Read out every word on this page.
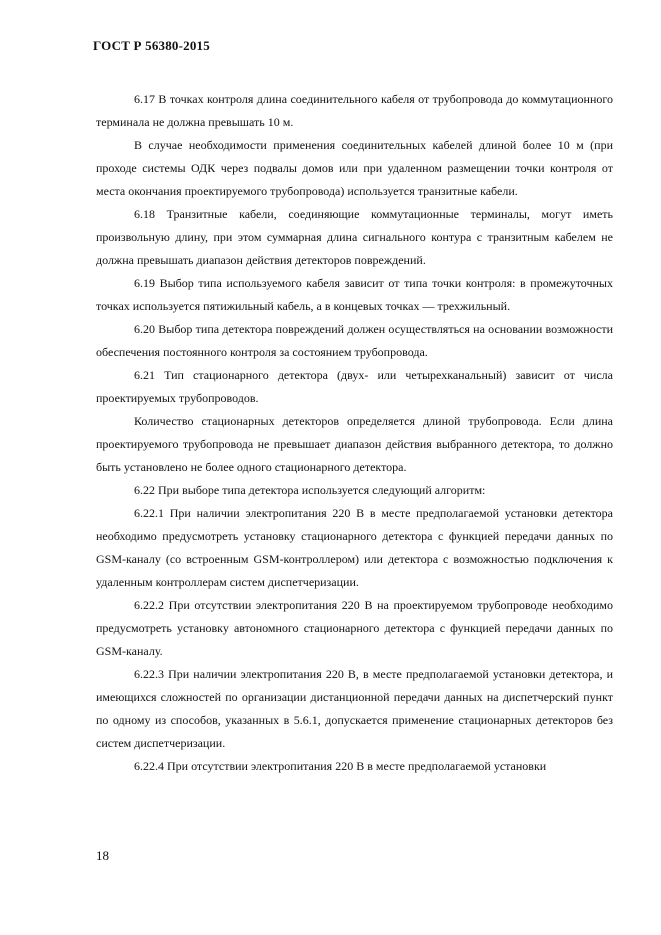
ГОСТ Р 56380-2015

6.17 В точках контроля длина соединительного кабеля от трубопровода до коммутационного терминала не должна превышать 10 м.

В случае необходимости применения соединительных кабелей длиной более 10 м (при проходе системы ОДК через подвалы домов или при удаленном размещении точки контроля от места окончания проектируемого трубопровода) используется транзитные кабели.

6.18 Транзитные кабели, соединяющие коммутационные терминалы, могут иметь произвольную длину, при этом суммарная длина сигнального контура с транзитным кабелем не должна превышать диапазон действия детекторов повреждений.

6.19 Выбор типа используемого кабеля зависит от типа точки контроля: в промежуточных точках используется пятижильный кабель, а в концевых точках — трехжильный.

6.20 Выбор типа детектора повреждений должен осуществляться на основании возможности обеспечения постоянного контроля за состоянием трубопровода.

6.21 Тип стационарного детектора (двух- или четырехканальный) зависит от числа проектируемых трубопроводов.

Количество стационарных детекторов определяется длиной трубопровода. Если длина проектируемого трубопровода не превышает диапазон действия выбранного детектора, то должно быть установлено не более одного стационарного детектора.

6.22 При выборе типа детектора используется следующий алгоритм:

6.22.1 При наличии электропитания 220 В в месте предполагаемой установки детектора необходимо предусмотреть установку стационарного детектора с функцией передачи данных по GSM-каналу (со встроенным GSM-контроллером) или детектора с возможностью подключения к удаленным контроллерам систем диспетчеризации.

6.22.2 При отсутствии электропитания 220 В на проектируемом трубопроводе необходимо предусмотреть установку автономного стационарного детектора с функцией передачи данных по GSM-каналу.

6.22.3 При наличии электропитания 220 В, в месте предполагаемой установки детектора, и имеющихся сложностей по организации дистанционной передачи данных на диспетчерский пункт по одному из способов, указанных в 5.6.1, допускается применение стационарных детекторов без систем диспетчеризации.

6.22.4 При отсутствии электропитания 220 В в месте предполагаемой установки

18
